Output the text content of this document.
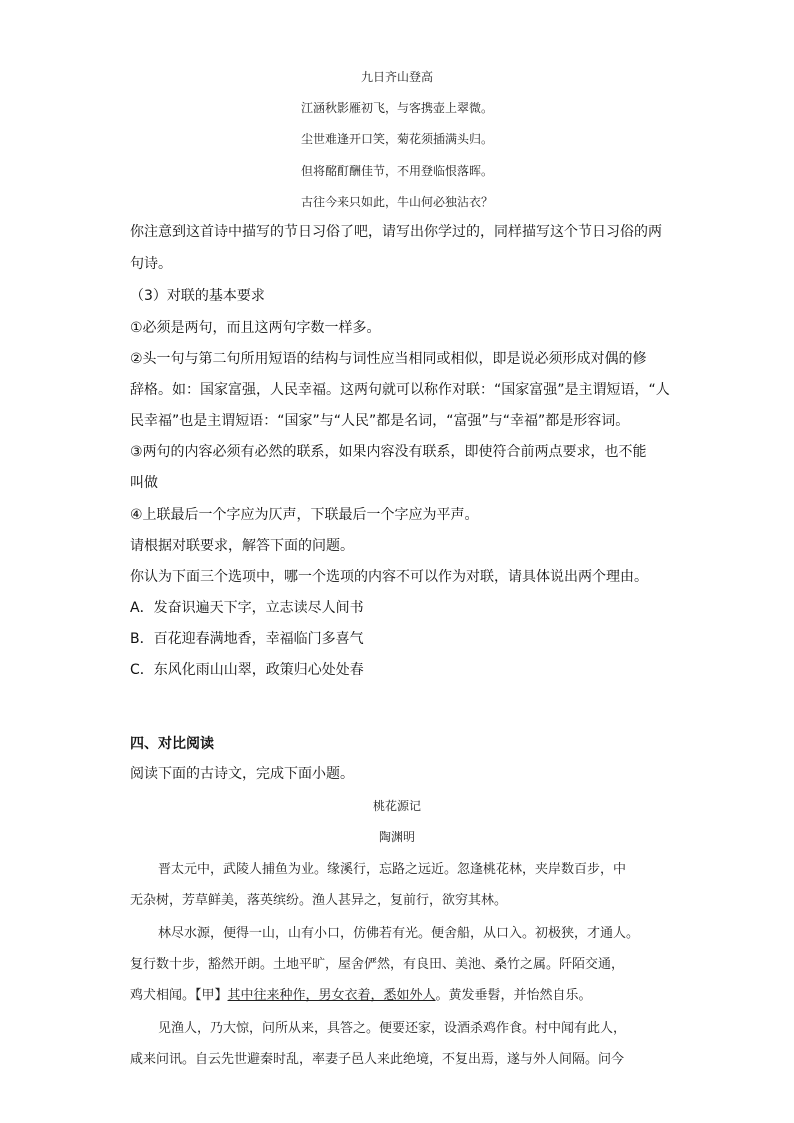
九日齐山登高
江涵秋影雁初飞，与客携壶上翠微。
尘世难逢开口笑，菊花须插满头归。
但将酩酊酬佳节，不用登临恨落晖。
古往今来只如此，牛山何必独沾衣？
你注意到这首诗中描写的节日习俗了吧，请写出你学过的，同样描写这个节日习俗的两
句诗。
（3）对联的基本要求
①必须是两句，而且这两句字数一样多。
②头一句与第二句所用短语的结构与词性应当相同或相似，即是说必须形成对偶的修
辞格。如：国家富强，人民幸福。这两句就可以称作对联：“国家富强”是主谓短语，“人
民幸福”也是主谓短语：“国家”与“人民”都是名词，“富强”与“幸福”都是形容词。
③两句的内容必须有必然的联系，如果内容没有联系，即使符合前两点要求，也不能
叫做
④上联最后一个字应为仄声，下联最后一个字应为平声。
请根据对联要求，解答下面的问题。
你认为下面三个选项中，哪一个选项的内容不可以作为对联，请具体说出两个理由。
A．发奋识遍天下字，立志读尽人间书
B．百花迎春满地香，幸福临门多喜气
C．东风化雨山山翠，政策归心处处春
四、对比阅读
阅读下面的古诗文，完成下面小题。
桃花源记
陶渊明
晋太元中，武陵人捕鱼为业。缘溪行，忘路之远近。忽逢桃花林，夹岸数百步，中
无杂树，芳草鲜美，落英缤纷。渔人甚异之，复前行，欲穷其林。
林尽水源，便得一山，山有小口，仿佛若有光。便舍船，从口入。初极狭，才通人。
复行数十步，豁然开朗。土地平旷，屋舍俨然，有良田、美池、桑竹之属。阡陌交通，
鸡犬相闻。【甲】其中往来种作，男女衣着，悉如外人。黄发垂髫，并怡然自乐。
见渔人，乃大惊，问所从来，具答之。便要还家，设酒杀鸡作食。村中闻有此人，
咸来问讯。自云先世避秦时乱，率妻子邑人来此绝境，不复出焉，遂与外人间隔。问今
